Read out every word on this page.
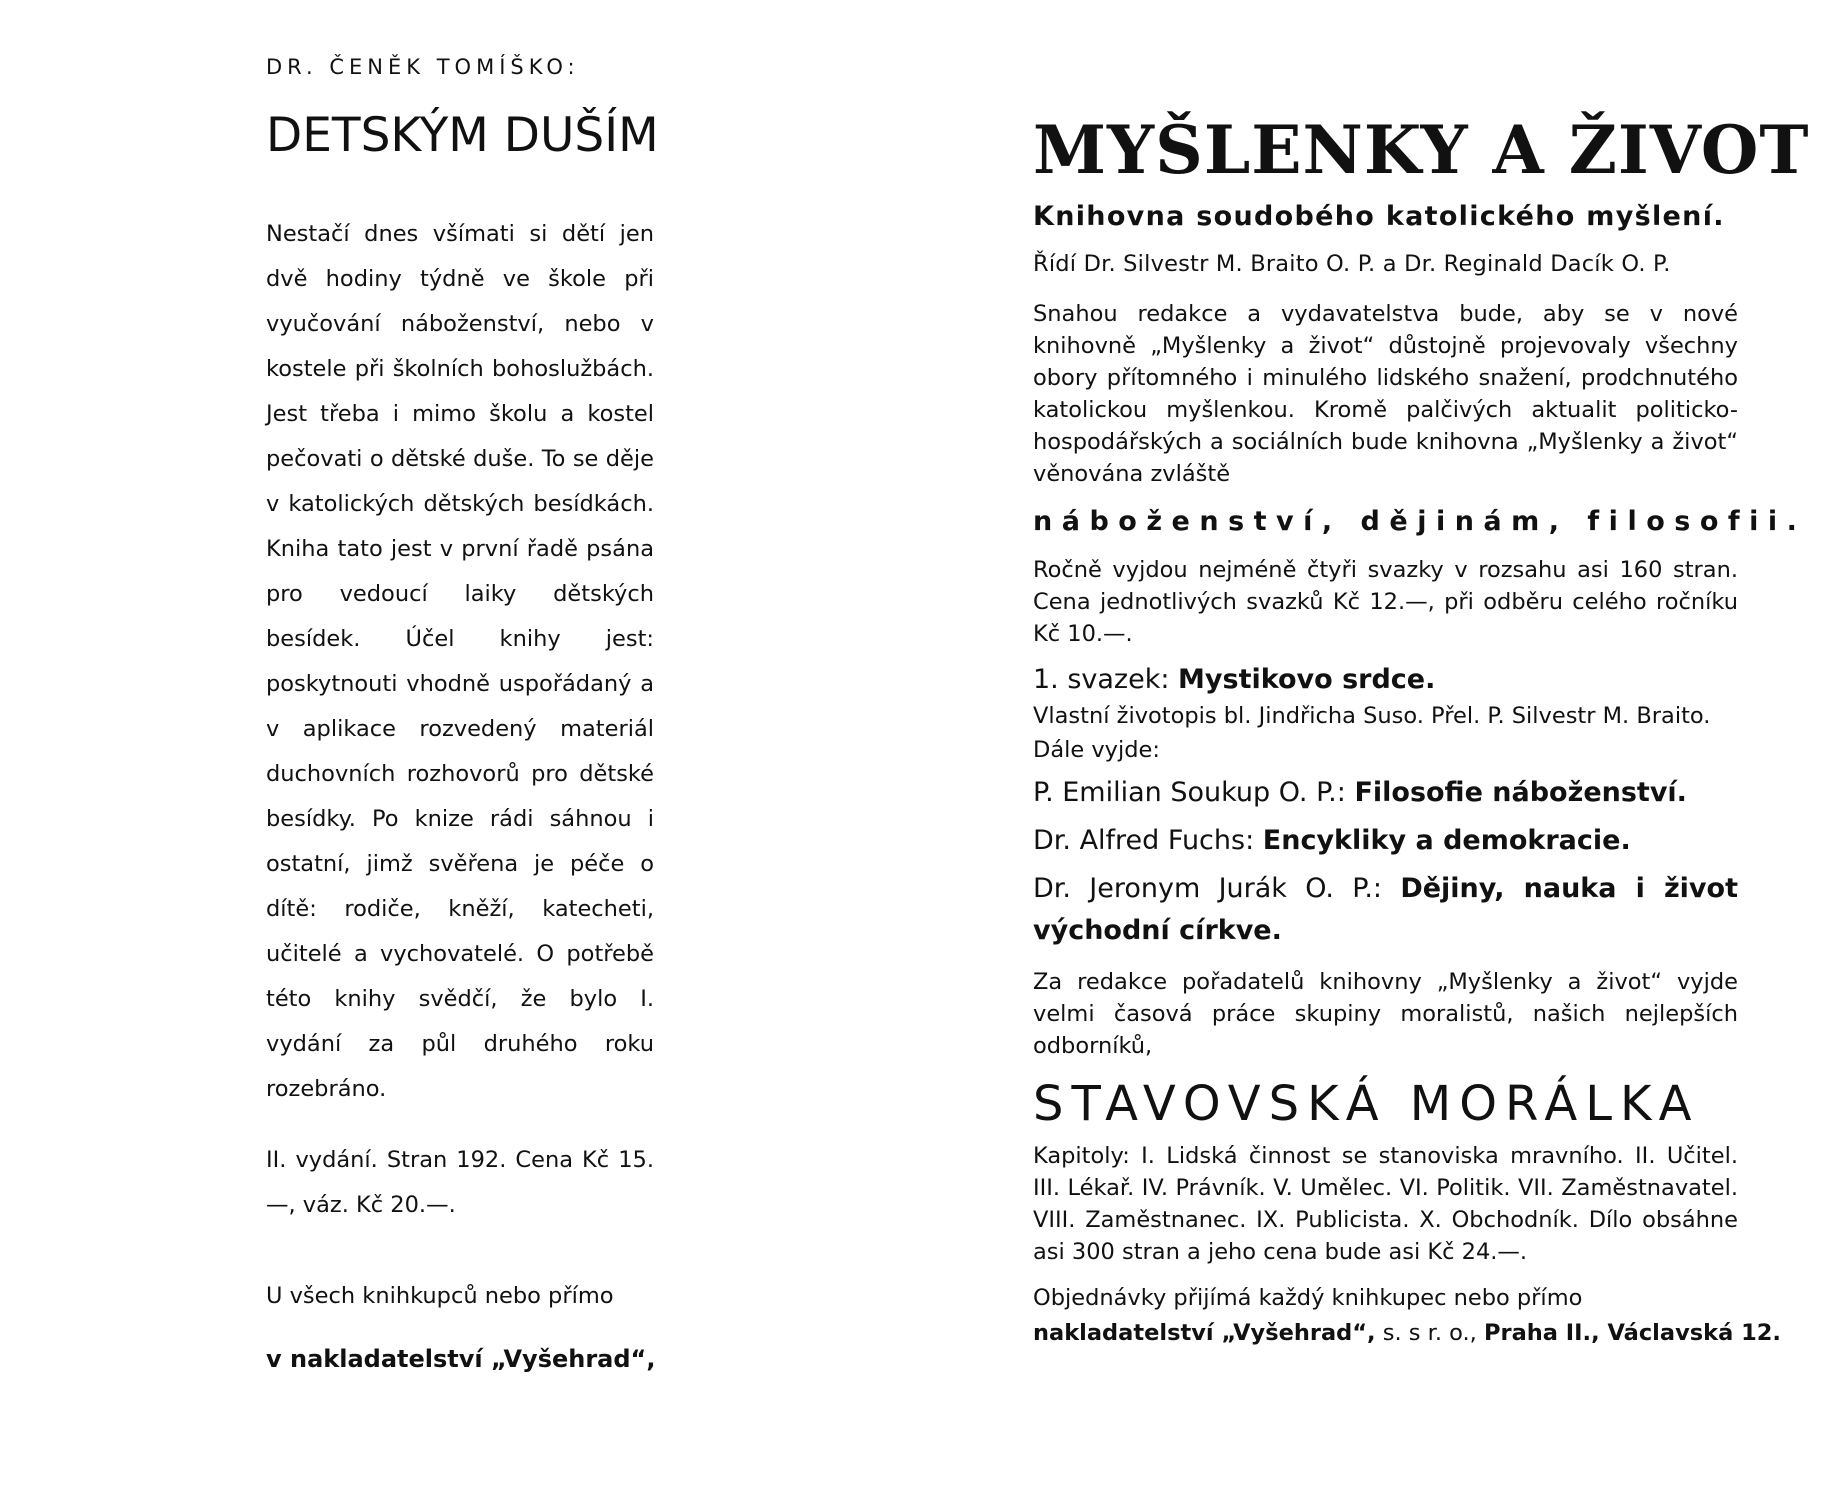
DR. ČENĚK TOMÍŠKO:

DETSKÝM DUŠÍM

Nestačí dnes všímati si dětí jen dvě hodiny týdně ve škole při vyučování náboženství, nebo v kostele při školních bohoslužbách. Jest třeba i mimo školu a kostel pečovati o dětské duše. To se děje v katolických dětských besídkách. Kniha tato jest v první řadě psána pro vedoucí laiky dětských besídek. Účel knihy jest: poskytnouti vhodně uspořádaný a v aplikace rozvedený materiál duchovních rozhovorů pro dětské besídky. Po knize rádi sáhnou i ostatní, jimž svěřena je péče o dítě: rodiče, kněží, katecheti, učitelé a vychovatelé. O potřebě této knihy svědčí, že bylo I. vydání za půl druhého roku rozebráno.

II. vydání. Stran 192. Cena Kč 15.—, váz. Kč 20.—.

U všech knihkupců nebo přímo

v nakladatelství „Vyšehrad“,

MYŠLENKY A ŽIVOT

Knihovna soudobého katolického myšlení.

Řídí Dr. Silvestr M. Braito O. P. a Dr. Reginald Dacík O. P.

Snahou redakce a vydavatelstva bude, aby se v nové knihovně „Myšlenky a život“ důstojně projevovaly všechny obory přítomného i minulého lidského snažení, prodchnutého katolickou myšlenkou. Kromě palčivých aktualit politicko-hospodářských a sociálních bude knihovna „Myšlenky a život“ věnována zvláště

náboženství, dějinám, filosofii.

Ročně vyjdou nejméně čtyři svazky v rozsahu asi 160 stran. Cena jednotlivých svazků Kč 12.—, při odběru celého ročníku Kč 10.—.

1. svazek: Mystikovo srdce.

Vlastní životopis bl. Jindřicha Suso. Přel. P. Silvestr M. Braito.

Dále vyjde:

P. Emilian Soukup O. P.: Filosofie náboženství.

Dr. Alfred Fuchs: Encykliky a demokracie.

Dr. Jeronym Jurák O. P.: Dějiny, nauka i život východní církve.

Za redakce pořadatelů knihovny „Myšlenky a život“ vyjde velmi časová práce skupiny moralistů, našich nejlepších odborníků,

STAVOVSKÁ MORÁLKA

Kapitoly: I. Lidská činnost se stanoviska mravního. II. Učitel. III. Lékař. IV. Právník. V. Umělec. VI. Politik. VII. Zaměstnavatel. VIII. Zaměstnanec. IX. Publicista. X. Obchodník. Dílo obsáhne asi 300 stran a jeho cena bude asi Kč 24.—.

Objednávky přijímá každý knihkupec nebo přímo

nakladatelství „Vyšehrad“, s. s r. o., Praha II., Václavská 12.
